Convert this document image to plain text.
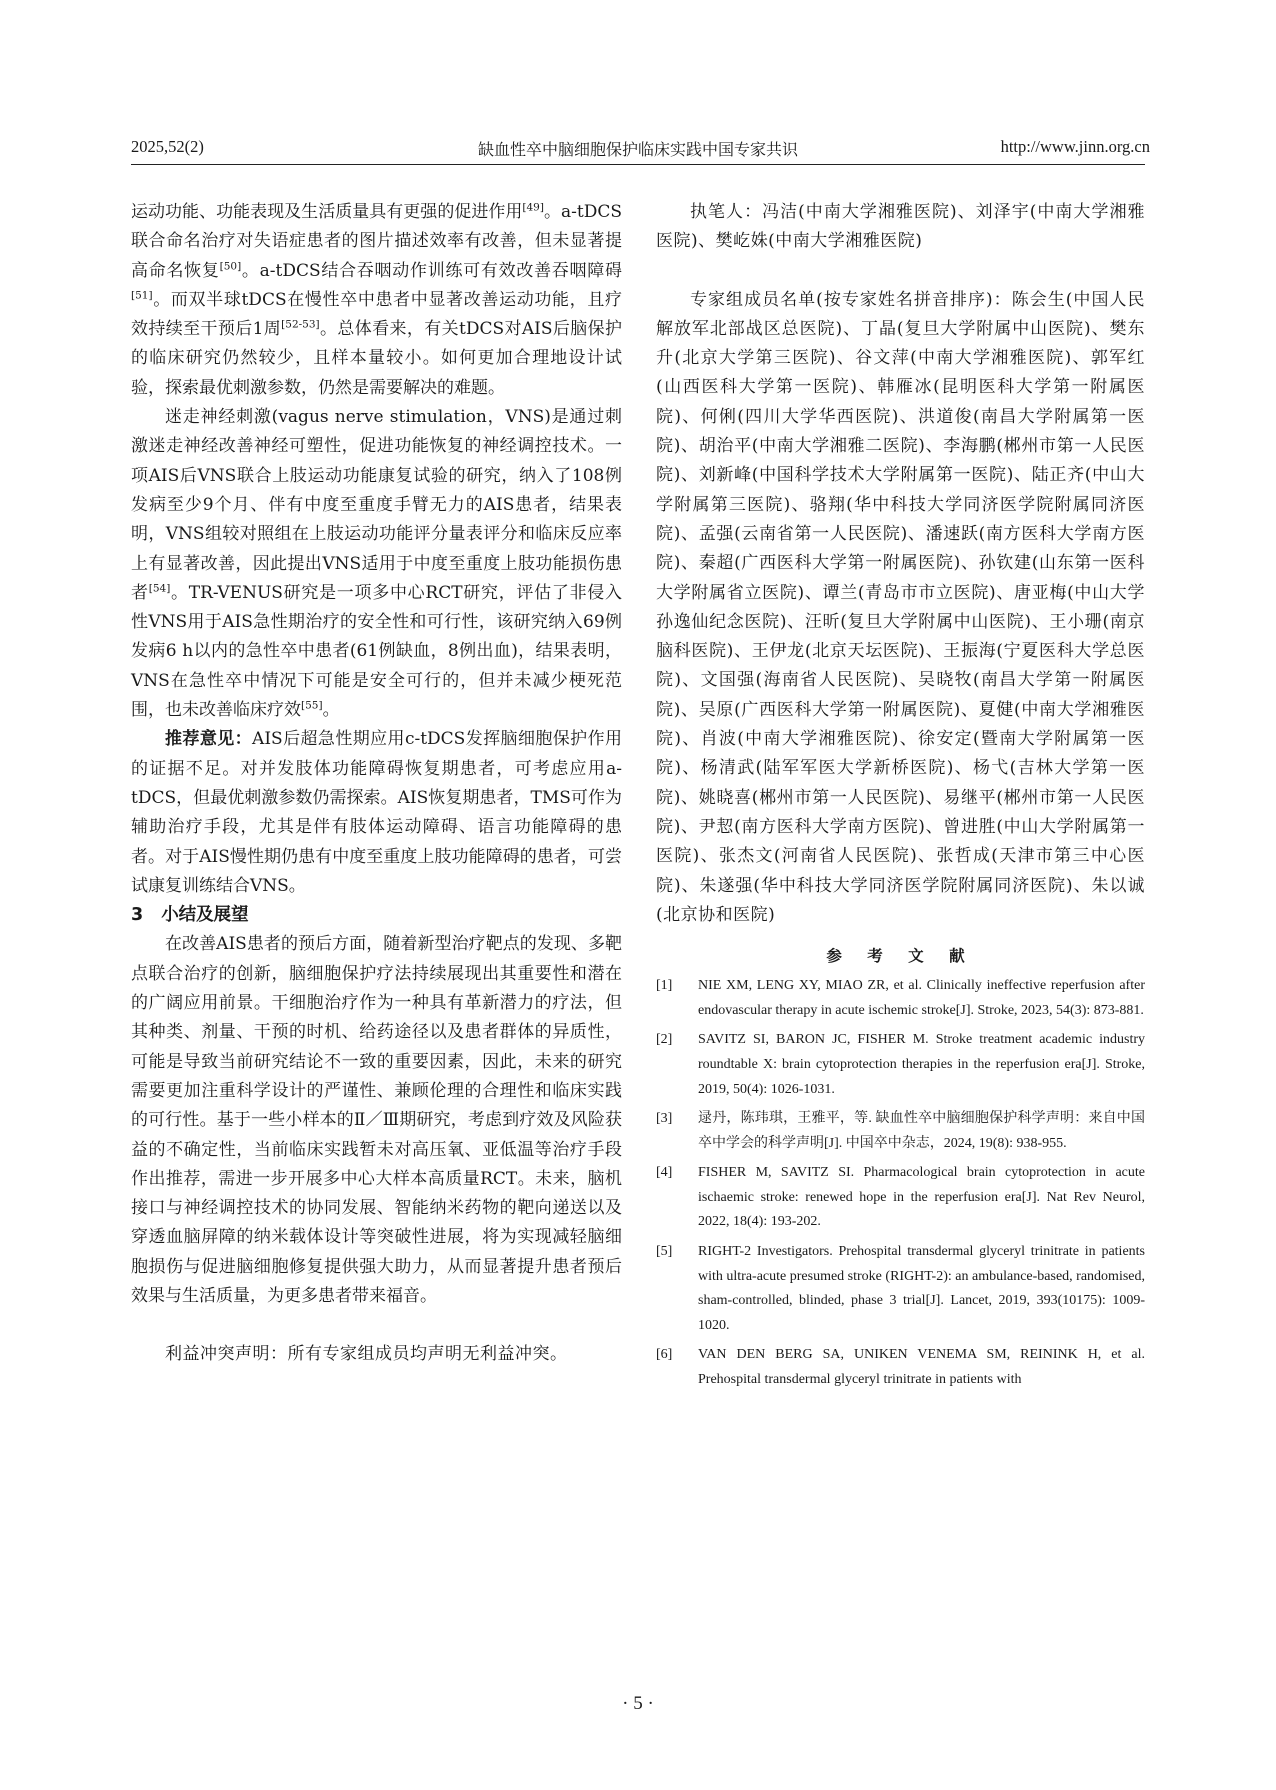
2025,52(2)	缺血性卒中脑细胞保护临床实践中国专家共识	http://www.jinn.org.cn

运动功能、功能表现及生活质量具有更强的促进作用[49]。a-tDCS联合命名治疗对失语症患者的图片描述效率有改善，但未显著提高命名恢复[50]。a-tDCS结合吞咽动作训练可有效改善吞咽障碍[51]。而双半球tDCS在慢性卒中患者中显著改善运动功能，且疗效持续至干预后1周[52-53]。总体看来，有关tDCS对AIS后脑保护的临床研究仍然较少，且样本量较小。如何更加合理地设计试验，探索最优刺激参数，仍然是需要解决的难题。

迷走神经刺激(vagus nerve stimulation，VNS)是通过刺激迷走神经改善神经可塑性，促进功能恢复的神经调控技术。一项AIS后VNS联合上肢运动功能康复试验的研究，纳入了108例发病至少9个月、伴有中度至重度手臂无力的AIS患者，结果表明，VNS组较对照组在上肢运动功能评分量表评分和临床反应率上有显著改善，因此提出VNS适用于中度至重度上肢功能损伤患者[54]。TR-VENUS研究是一项多中心RCT研究，评估了非侵入性VNS用于AIS急性期治疗的安全性和可行性，该研究纳入69例发病6 h以内的急性卒中患者(61例缺血，8例出血)，结果表明，VNS在急性卒中情况下可能是安全可行的，但并未减少梗死范围，也未改善临床疗效[55]。

推荐意见：AIS后超急性期应用c-tDCS发挥脑细胞保护作用的证据不足。对并发肢体功能障碍恢复期患者，可考虑应用a-tDCS，但最优刺激参数仍需探索。AIS恢复期患者，TMS可作为辅助治疗手段，尤其是伴有肢体运动障碍、语言功能障碍的患者。对于AIS慢性期仍患有中度至重度上肢功能障碍的患者，可尝试康复训练结合VNS。

3 小结及展望

在改善AIS患者的预后方面，随着新型治疗靶点的发现、多靶点联合治疗的创新，脑细胞保护疗法持续展现出其重要性和潜在的广阔应用前景。干细胞治疗作为一种具有革新潜力的疗法，但其种类、剂量、干预的时机、给药途径以及患者群体的异质性，可能是导致当前研究结论不一致的重要因素，因此，未来的研究需要更加注重科学设计的严谨性、兼顾伦理的合理性和临床实践的可行性。基于一些小样本的Ⅱ／Ⅲ期研究，考虑到疗效及风险获益的不确定性，当前临床实践暂未对高压氧、亚低温等治疗手段作出推荐，需进一步开展多中心大样本高质量RCT。未来，脑机接口与神经调控技术的协同发展、智能纳米药物的靶向递送以及穿透血脑屏障的纳米载体设计等突破性进展，将为实现减轻脑细胞损伤与促进脑细胞修复提供强大助力，从而显著提升患者预后效果与生活质量，为更多患者带来福音。

利益冲突声明：所有专家组成员均声明无利益冲突。

执笔人：冯洁(中南大学湘雅医院)、刘泽宇(中南大学湘雅医院)、樊屹姝(中南大学湘雅医院)

专家组成员名单(按专家姓名拼音排序)：陈会生(中国人民解放军北部战区总医院)、丁晶(复旦大学附属中山医院)、樊东升(北京大学第三医院)、谷文萍(中南大学湘雅医院)、郭军红(山西医科大学第一医院)、韩雁冰(昆明医科大学第一附属医院)、何俐(四川大学华西医院)、洪道俊(南昌大学附属第一医院)、胡治平(中南大学湘雅二医院)、李海鹏(郴州市第一人民医院)、刘新峰(中国科学技术大学附属第一医院)、陆正齐(中山大学附属第三医院)、骆翔(华中科技大学同济医学院附属同济医院)、孟强(云南省第一人民医院)、潘速跃(南方医科大学南方医院)、秦超(广西医科大学第一附属医院)、孙钦建(山东第一医科大学附属省立医院)、谭兰(青岛市市立医院)、唐亚梅(中山大学孙逸仙纪念医院)、汪昕(复旦大学附属中山医院)、王小珊(南京脑科医院)、王伊龙(北京天坛医院)、王振海(宁夏医科大学总医院)、文国强(海南省人民医院)、吴晓牧(南昌大学第一附属医院)、吴原(广西医科大学第一附属医院)、夏健(中南大学湘雅医院)、肖波(中南大学湘雅医院)、徐安定(暨南大学附属第一医院)、杨清武(陆军军医大学新桥医院)、杨弋(吉林大学第一医院)、姚晓喜(郴州市第一人民医院)、易继平(郴州市第一人民医院)、尹恝(南方医科大学南方医院)、曾进胜(中山大学附属第一医院)、张杰文(河南省人民医院)、张哲成(天津市第三中心医院)、朱遂强(华中科技大学同济医学院附属同济医院)、朱以诚(北京协和医院)

参 考 文 献

[1]	NIE XM, LENG XY, MIAO ZR, et al. Clinically ineffective reperfusion after endovascular therapy in acute ischemic stroke[J]. Stroke, 2023, 54(3): 873-881.
[2]	SAVITZ SI, BARON JC, FISHER M. Stroke treatment academic industry roundtable X: brain cytoprotection therapies in the reperfusion era[J]. Stroke, 2019, 50(4): 1026-1031.
[3]	逯丹，陈玮琪，王雅平，等. 缺血性卒中脑细胞保护科学声明：来自中国卒中学会的科学声明[J]. 中国卒中杂志，2024, 19(8): 938-955.
[4]	FISHER M, SAVITZ SI. Pharmacological brain cytoprotection in acute ischaemic stroke: renewed hope in the reperfusion era[J]. Nat Rev Neurol, 2022, 18(4): 193-202.
[5]	RIGHT-2 Investigators. Prehospital transdermal glyceryl trinitrate in patients with ultra-acute presumed stroke (RIGHT-2): an ambulance-based, randomised, sham-controlled, blinded, phase 3 trial[J]. Lancet, 2019, 393(10175): 1009-1020.
[6]	VAN DEN BERG SA, UNIKEN VENEMA SM, REININK H, et al. Prehospital transdermal glyceryl trinitrate in patients with
· 5 ·
